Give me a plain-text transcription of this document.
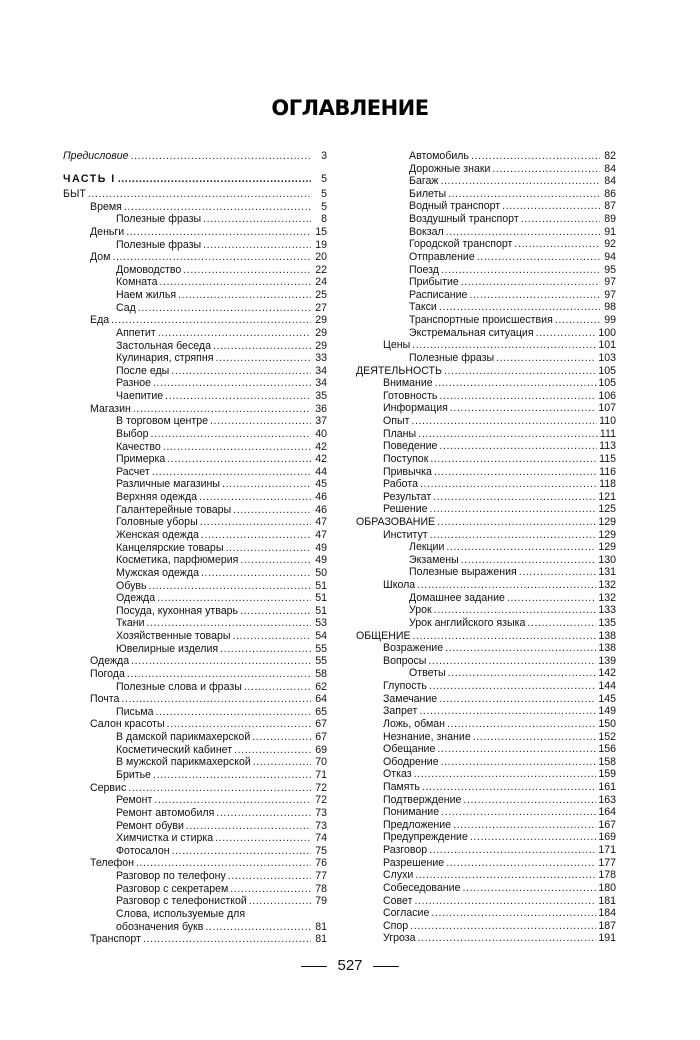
ОГЛАВЛЕНИЕ
Предисловие .....	3
ЧАСТЬ I .....	5
БЫТ .....	5
Время .....	5
Полезные фразы .....	8
Деньги .....	15
Полезные фразы .....	19
Дом .....	20
Домоводство .....	22
Комната .....	24
Наем жилья .....	25
Сад .....	27
Еда .....	29
Аппетит .....	29
Застольная беседа .....	29
Кулинария, стряпня .....	33
После еды .....	34
Разное .....	34
Чаепитие .....	35
Магазин .....	36
В торговом центре .....	37
Выбор .....	40
Качество .....	42
Примерка .....	42
Расчет .....	44
Различные магазины .....	45
Верхняя одежда .....	46
Галантерейные товары .....	46
Головные уборы .....	47
Женская одежда .....	47
Канцелярские товары .....	49
Косметика, парфюмерия .....	49
Мужская одежда .....	50
Обувь .....	51
Одежда .....	51
Посуда, кухонная утварь .....	51
Ткани .....	53
Хозяйственные товары .....	54
Ювелирные изделия .....	55
Одежда .....	55
Погода .....	58
Полезные слова и фразы .....	62
Почта .....	64
Письма .....	65
Салон красоты .....	67
В дамской парикмахерской .....	67
Косметический кабинет .....	69
В мужской парикмахерской .....	70
Бритье .....	71
Сервис .....	72
Ремонт .....	72
Ремонт автомобиля .....	73
Ремонт обуви .....	73
Химчистка и стирка .....	74
Фотосалон .....	75
Телефон .....	76
Разговор по телефону .....	77
Разговор с секретарем .....	78
Разговор с телефонисткой .....	79
Слова, используемые для
обозначения букв .....	81
Транспорт .....	81
Автомобиль .....	82
Дорожные знаки .....	84
Багаж .....	84
Билеты .....	86
Водный транспорт .....	87
Воздушный транспорт .....	89
Вокзал .....	91
Городской транспорт .....	92
Отправление .....	94
Поезд .....	95
Прибытие .....	97
Расписание .....	97
Такси .....	98
Транспортные происшествия .....	99
Экстремальная ситуация .....	100
Цены .....	101
Полезные фразы .....	103
ДЕЯТЕЛЬНОСТЬ .....	105
Внимание .....	105
Готовность .....	106
Информация .....	107
Опыт .....	110
Планы .....	111
Поведение .....	113
Поступок .....	115
Привычка .....	116
Работа .....	118
Результат .....	121
Решение .....	125
ОБРАЗОВАНИЕ .....	129
Институт .....	129
Лекции .....	129
Экзамены .....	130
Полезные выражения .....	131
Школа .....	132
Домашнее задание .....	132
Урок .....	133
Урок английского языка .....	135
ОБЩЕНИЕ .....	138
Возражение .....	138
Вопросы .....	139
Ответы .....	142
Глупость .....	144
Замечание .....	145
Запрет .....	149
Ложь, обман .....	150
Незнание, знание .....	152
Обещание .....	156
Ободрение .....	158
Отказ .....	159
Память .....	161
Подтверждение .....	163
Понимание .....	164
Предложение .....	167
Предупреждение .....	169
Разговор .....	171
Разрешение .....	177
Слухи .....	178
Собеседование .....	180
Совет .....	181
Согласие .....	184
Спор .....	187
Угроза .....	191
527
